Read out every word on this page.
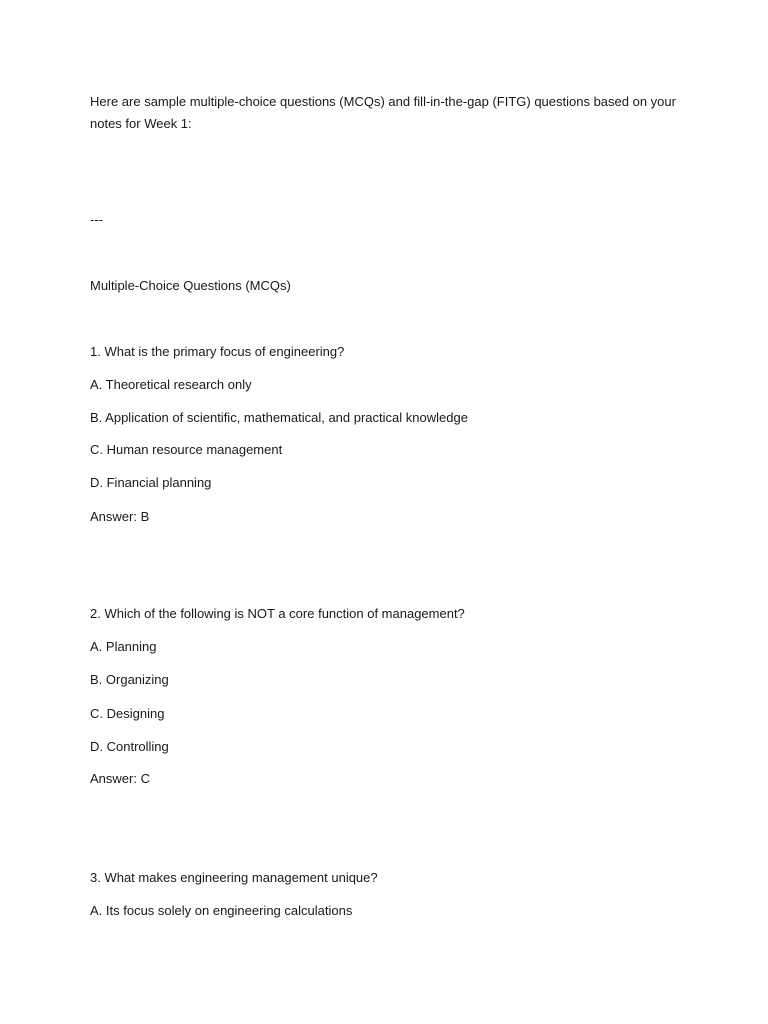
Here are sample multiple-choice questions (MCQs) and fill-in-the-gap (FITG) questions based on your notes for Week 1:

---

Multiple-Choice Questions (MCQs)

1. What is the primary focus of engineering?

A. Theoretical research only

B. Application of scientific, mathematical, and practical knowledge

C. Human resource management

D. Financial planning

Answer: B

2. Which of the following is NOT a core function of management?

A. Planning

B. Organizing

C. Designing

D. Controlling

Answer: C

3. What makes engineering management unique?

A. Its focus solely on engineering calculations
